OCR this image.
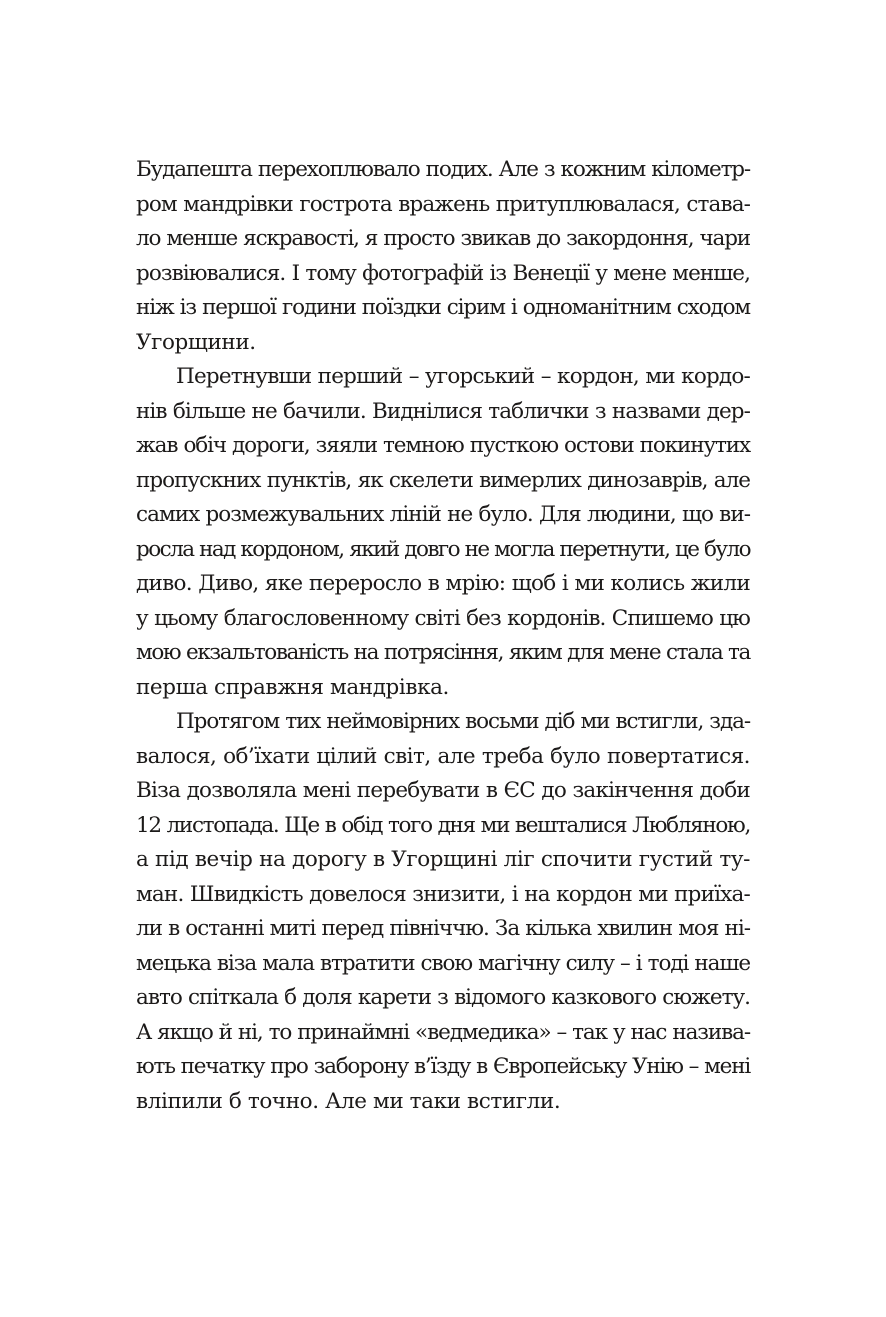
Будапешта перехоплювало подих. Але з кожним кілометр-
ром мандрівки гострота вражень притуплювалася, ставa-
ло менше яскравості, я просто звикав до закордоння, чари
розвіювалися. І тому фотографій із Венеції у мене менше,
ніж із першої години поїздки сірим і одноманітним сходом
Угорщини.
Перетнувши перший – угорський – кордон, ми кордо-
нів більше не бачили. Виднілися таблички з назвами дер-
жав обіч дороги, зяяли темною пусткою остови покинутих
пропускних пунктів, як скелети вимерлих динозаврів, але
самих розмежувальних ліній не було. Для людини, що ви-
росла над кордоном, який довго не могла перетнути, це було
диво. Диво, яке переросло в мрію: щоб і ми колись жили
у цьому благословенному світі без кордонів. Спишемо цю
мою екзальтованість на потрясіння, яким для мене стала та
перша справжня мандрівка.
Протягом тих неймовірних восьми діб ми встигли, зда-
валося, об’їхати цілий світ, але треба було повертатися.
Віза дозволяла мені перебувати в ЄС до закінчення доби
12 листопада. Ще в обід того дня ми вешталися Любляною,
а під вечір на дорогу в Угорщині ліг спочити густий ту-
ман. Швидкість довелося знизити, і на кордон ми приїха-
ли в останні миті перед північчю. За кілька хвилин моя ні-
мецька віза мала втратити свою магічну силу – і тоді наше
авто спіткала б доля карети з відомого казкового сюжету.
А якщо й ні, то принаймні «ведмедика» – так у нас назива-
ють печатку про заборону в’їзду в Європейську Унію – мені
вліпили б точно. Але ми таки встигли.
